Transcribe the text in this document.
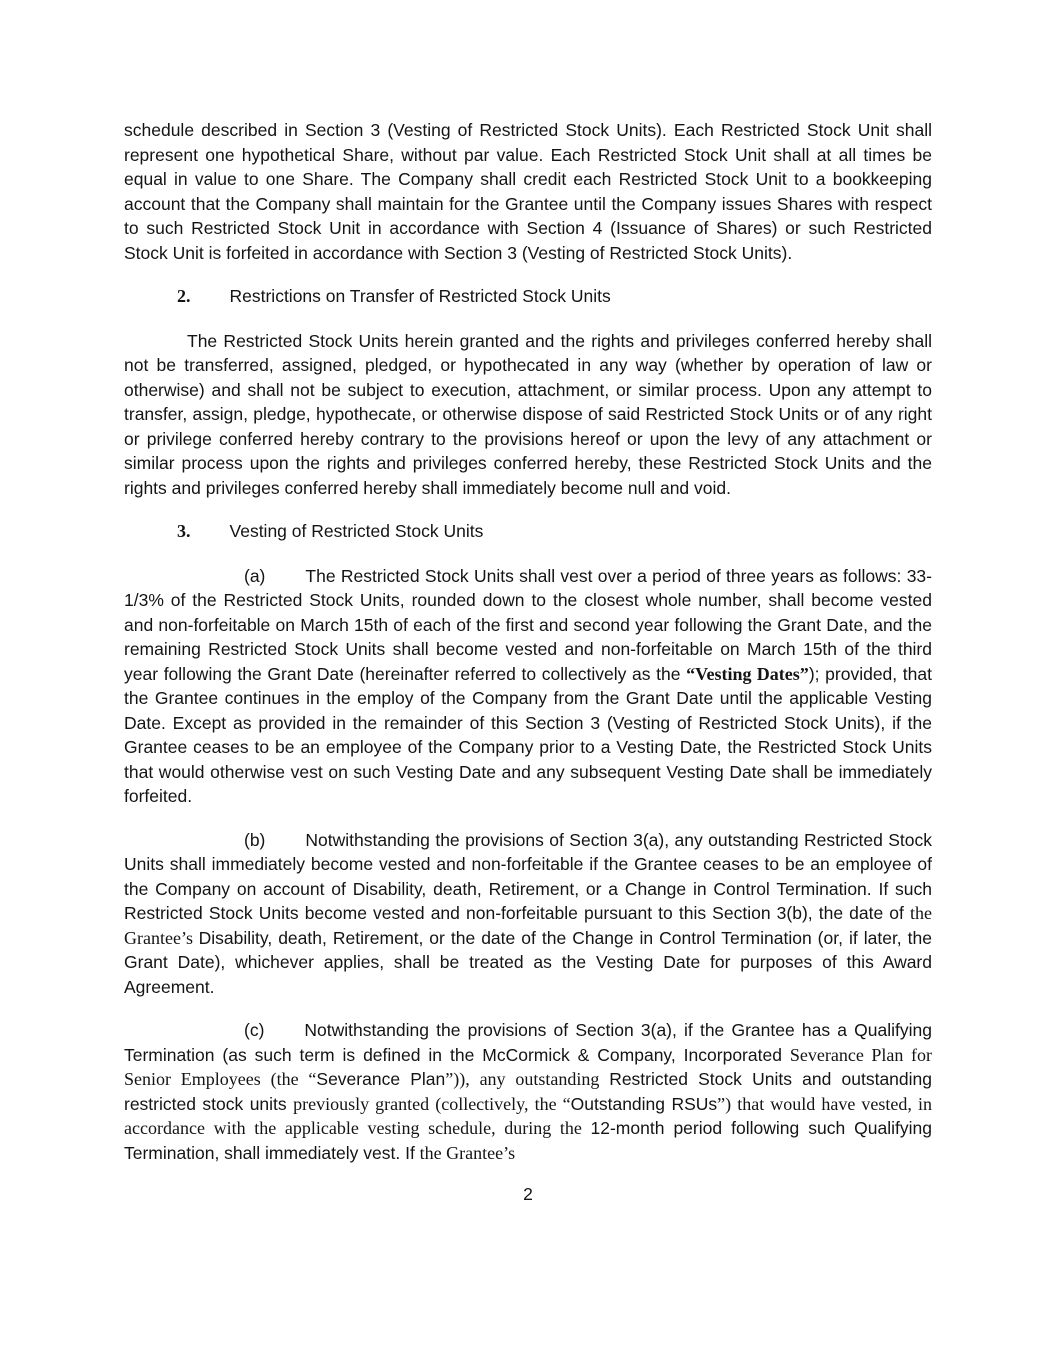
schedule described in Section 3 (Vesting of Restricted Stock Units). Each Restricted Stock Unit shall represent one hypothetical Share, without par value. Each Restricted Stock Unit shall at all times be equal in value to one Share. The Company shall credit each Restricted Stock Unit to a bookkeeping account that the Company shall maintain for the Grantee until the Company issues Shares with respect to such Restricted Stock Unit in accordance with Section 4 (Issuance of Shares) or such Restricted Stock Unit is forfeited in accordance with Section 3 (Vesting of Restricted Stock Units).

2. Restrictions on Transfer of Restricted Stock Units

The Restricted Stock Units herein granted and the rights and privileges conferred hereby shall not be transferred, assigned, pledged, or hypothecated in any way (whether by operation of law or otherwise) and shall not be subject to execution, attachment, or similar process. Upon any attempt to transfer, assign, pledge, hypothecate, or otherwise dispose of said Restricted Stock Units or of any right or privilege conferred hereby contrary to the provisions hereof or upon the levy of any attachment or similar process upon the rights and privileges conferred hereby, these Restricted Stock Units and the rights and privileges conferred hereby shall immediately become null and void.

3. Vesting of Restricted Stock Units

(a) The Restricted Stock Units shall vest over a period of three years as follows: 33-1/3% of the Restricted Stock Units, rounded down to the closest whole number, shall become vested and non-forfeitable on March 15th of each of the first and second year following the Grant Date, and the remaining Restricted Stock Units shall become vested and non-forfeitable on March 15th of the third year following the Grant Date (hereinafter referred to collectively as the “Vesting Dates”); provided, that the Grantee continues in the employ of the Company from the Grant Date until the applicable Vesting Date. Except as provided in the remainder of this Section 3 (Vesting of Restricted Stock Units), if the Grantee ceases to be an employee of the Company prior to a Vesting Date, the Restricted Stock Units that would otherwise vest on such Vesting Date and any subsequent Vesting Date shall be immediately forfeited.

(b) Notwithstanding the provisions of Section 3(a), any outstanding Restricted Stock Units shall immediately become vested and non-forfeitable if the Grantee ceases to be an employee of the Company on account of Disability, death, Retirement, or a Change in Control Termination. If such Restricted Stock Units become vested and non-forfeitable pursuant to this Section 3(b), the date of the Grantee’s Disability, death, Retirement, or the date of the Change in Control Termination (or, if later, the Grant Date), whichever applies, shall be treated as the Vesting Date for purposes of this Award Agreement.

(c) Notwithstanding the provisions of Section 3(a), if the Grantee has a Qualifying Termination (as such term is defined in the McCormick & Company, Incorporated Severance Plan for Senior Employees (the “Severance Plan”)), any outstanding Restricted Stock Units and outstanding restricted stock units previously granted (collectively, the “Outstanding RSUs”) that would have vested, in accordance with the applicable vesting schedule, during the 12-month period following such Qualifying Termination, shall immediately vest. If the Grantee’s

2
